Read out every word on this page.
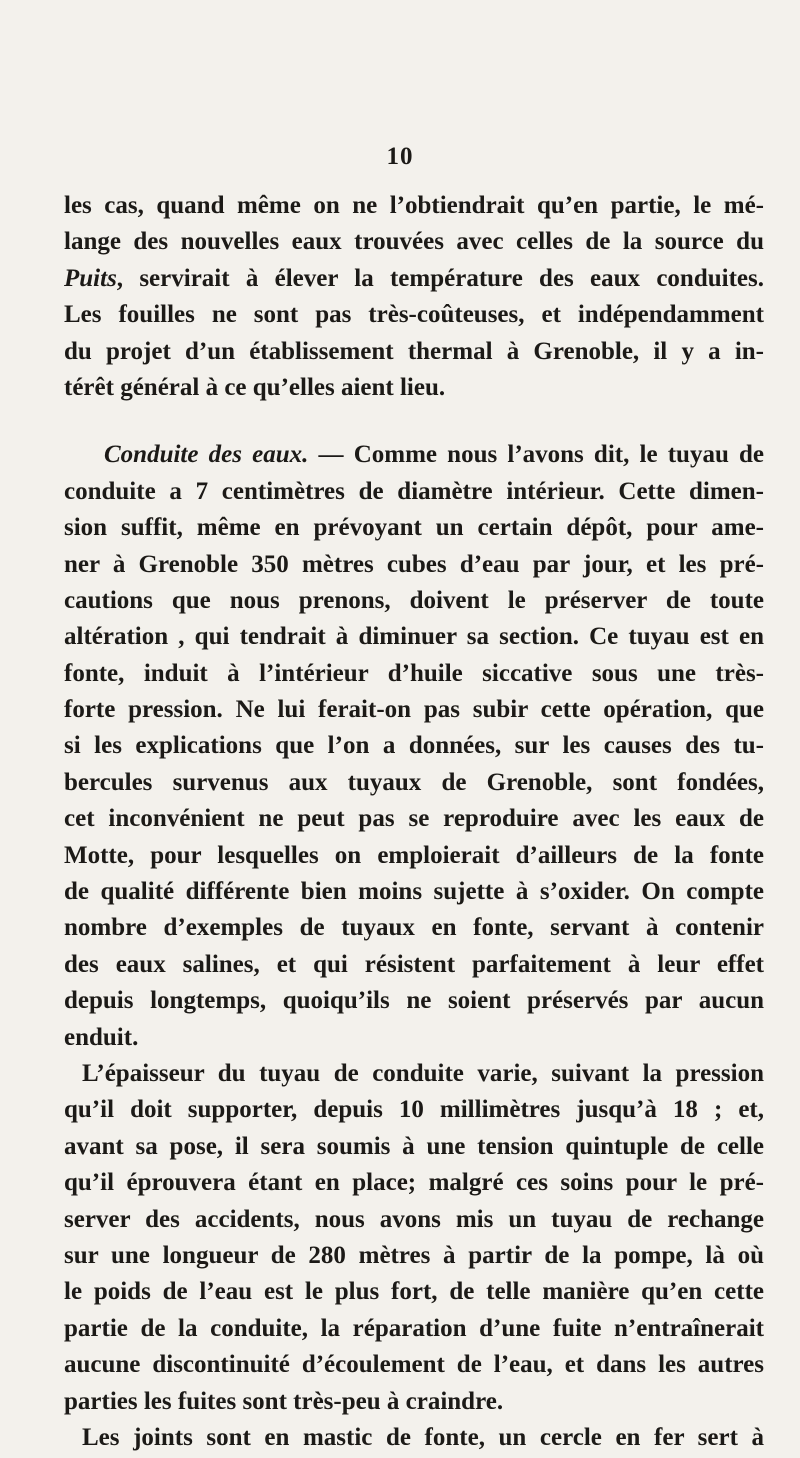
10
les cas, quand même on ne l’obtiendrait qu’en partie, le mé-
lange des nouvelles eaux trouvées avec celles de la source du
Puits, servirait à élever la température des eaux conduites.
Les fouilles ne sont pas très-coûteuses, et indépendamment
du projet d’un établissement thermal à Grenoble, il y a in-
térêt général à ce qu’elles aient lieu.
Conduite des eaux. — Comme nous l’avons dit, le tuyau de
conduite a 7 centimètres de diamètre intérieur. Cette dimen-
sion suffit, même en prévoyant un certain dépôt, pour ame-
ner à Grenoble 350 mètres cubes d’eau par jour, et les pré-
cautions que nous prenons, doivent le préserver de toute
altération , qui tendrait à diminuer sa section. Ce tuyau est en
fonte, induit à l’intérieur d’huile siccative sous une très-
forte pression. Ne lui ferait-on pas subir cette opération, que
si les explications que l’on a données, sur les causes des tu-
bercules survenus aux tuyaux de Grenoble, sont fondées,
cet inconvénient ne peut pas se reproduire avec les eaux de
Motte, pour lesquelles on emploierait d’ailleurs de la fonte
de qualité différente bien moins sujette à s’oxider. On compte
nombre d’exemples de tuyaux en fonte, servant à contenir
des eaux salines, et qui résistent parfaitement à leur effet
depuis longtemps, quoiqu’ils ne soient préservés par aucun
enduit.
L’épaisseur du tuyau de conduite varie, suivant la pression
qu’il doit supporter, depuis 10 millimètres jusqu’à 18 ; et,
avant sa pose, il sera soumis à une tension quintuple de celle
qu’il éprouvera étant en place; malgré ces soins pour le pré-
server des accidents, nous avons mis un tuyau de rechange
sur une longueur de 280 mètres à partir de la pompe, là où
le poids de l’eau est le plus fort, de telle manière qu’en cette
partie de la conduite, la réparation d’une fuite n’entraînerait
aucune discontinuité d’écoulement de l’eau, et dans les autres
parties les fuites sont très-peu à craindre.
Les joints sont en mastic de fonte, un cercle en fer sert à
